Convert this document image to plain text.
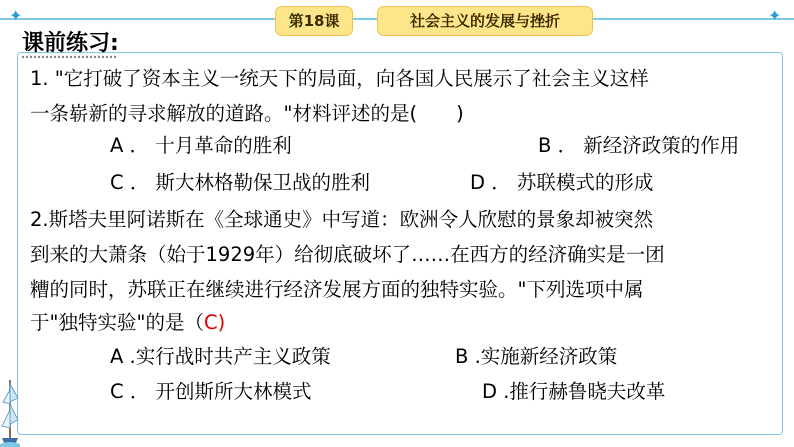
✦	✦
第18课	社会主义的发展与挫折
课前练习:
1. "它打破了资本主义一统天下的局面，向各国人民展示了社会主义这样
一条崭新的寻求解放的道路。"材料评述的是(　　)
A ． 十月革命的胜利	B ． 新经济政策的作用
C ． 斯大林格勒保卫战的胜利	D ． 苏联模式的形成
2.斯塔夫里阿诺斯在《全球通史》中写道：欧洲令人欣慰的景象却被突然
到来的大萧条（始于1929年）给彻底破坏了……在西方的经济确实是一团
糟的同时，苏联正在继续进行经济发展方面的独特实验。"下列选项中属
于"独特实验"的是（C)
A .实行战时共产主义政策	B .实施新经济政策
C ． 开创斯所大林模式	D .推行赫鲁晓夫改革
